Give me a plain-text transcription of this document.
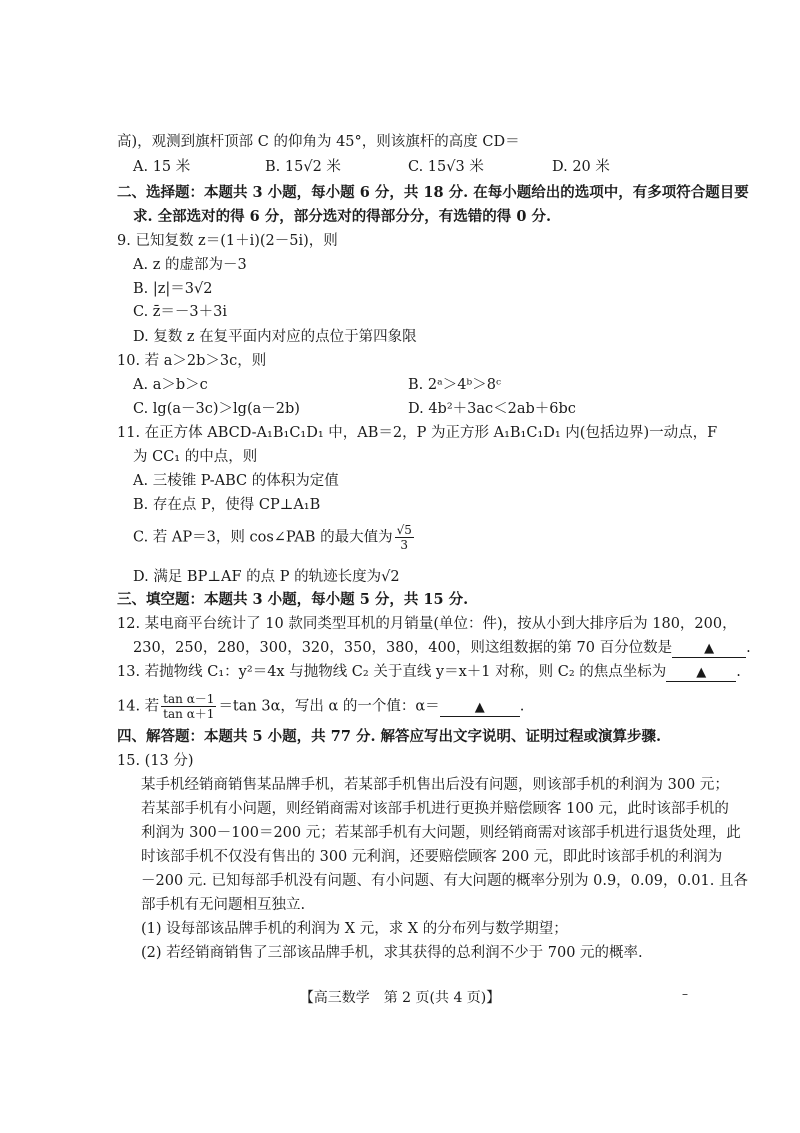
高)，观测到旗杆顶部 C 的仰角为 45°，则该旗杆的高度 CD＝
A. 15 米	B. 15√2 米	C. 15√3 米	D. 20 米
二、选择题：本题共 3 小题，每小题 6 分，共 18 分. 在每小题给出的选项中，有多项符合题目要
求. 全部选对的得 6 分，部分选对的得部分分，有选错的得 0 分.
9. 已知复数 z＝(1＋i)(2－5i)，则
A. z 的虚部为－3
B. |z|＝3√2
C. z̄＝－3＋3i
D. 复数 z 在复平面内对应的点位于第四象限
10. 若 a＞2b＞3c，则
A. a＞b＞c	B. 2ᵃ＞4ᵇ＞8ᶜ
C. lg(a－3c)＞lg(a－2b)	D. 4b²＋3ac＜2ab＋6bc
11. 在正方体 ABCD-A₁B₁C₁D₁ 中，AB＝2，P 为正方形 A₁B₁C₁D₁ 内(包括边界)一动点，F
为 CC₁ 的中点，则
A. 三棱锥 P-ABC 的体积为定值
B. 存在点 P，使得 CP⊥A₁B
C. 若 AP＝3，则 cos∠PAB 的最大值为 $\frac{√5}{3}$
D. 满足 BP⊥AF 的点 P 的轨迹长度为√2
三、填空题：本题共 3 小题，每小题 5 分，共 15 分.
12. 某电商平台统计了 10 款同类型耳机的月销量(单位：件)，按从小到大排序后为 180，200，
230，250，280，300，320，350，380，400，则这组数据的第 70 百分位数是 ▲ .
13. 若抛物线 C₁：y²＝4x 与抛物线 C₂ 关于直线 y＝x＋1 对称，则 C₂ 的焦点坐标为 ▲ .
14. 若 $\frac{\text{tan α－1}}{\text{tan α＋1}} =\tan$ 3α，写出 α 的一个值：α＝	▲ .
四、解答题：本题共 5 小题，共 77 分. 解答应写出文字说明、证明过程或演算步骤.
15. (13 分)
某手机经销商销售某品牌手机，若某部手机售出后没有问题，则该部手机的利润为 300 元；
若某部手机有小问题，则经销商需对该部手机进行更换并赔偿顾客 100 元，此时该部手机的
利润为 300－100＝200 元；若某部手机有大问题，则经销商需对该部手机进行退货处理，此
时该部手机不仅没有售出的 300 元利润，还要赔偿顾客 200 元，即此时该部手机的利润为
－200 元. 已知每部手机没有问题、有小问题、有大问题的概率分别为 0.9，0.09，0.01. 且各
部手机有无问题相互独立.
(1) 设每部该品牌手机的利润为 X 元，求 X 的分布列与数学期望；
(2) 若经销商销售了三部该品牌手机，求其获得的总利润不少于 700 元的概率.
【高三数学　第 2 页(共 4 页)】	–
